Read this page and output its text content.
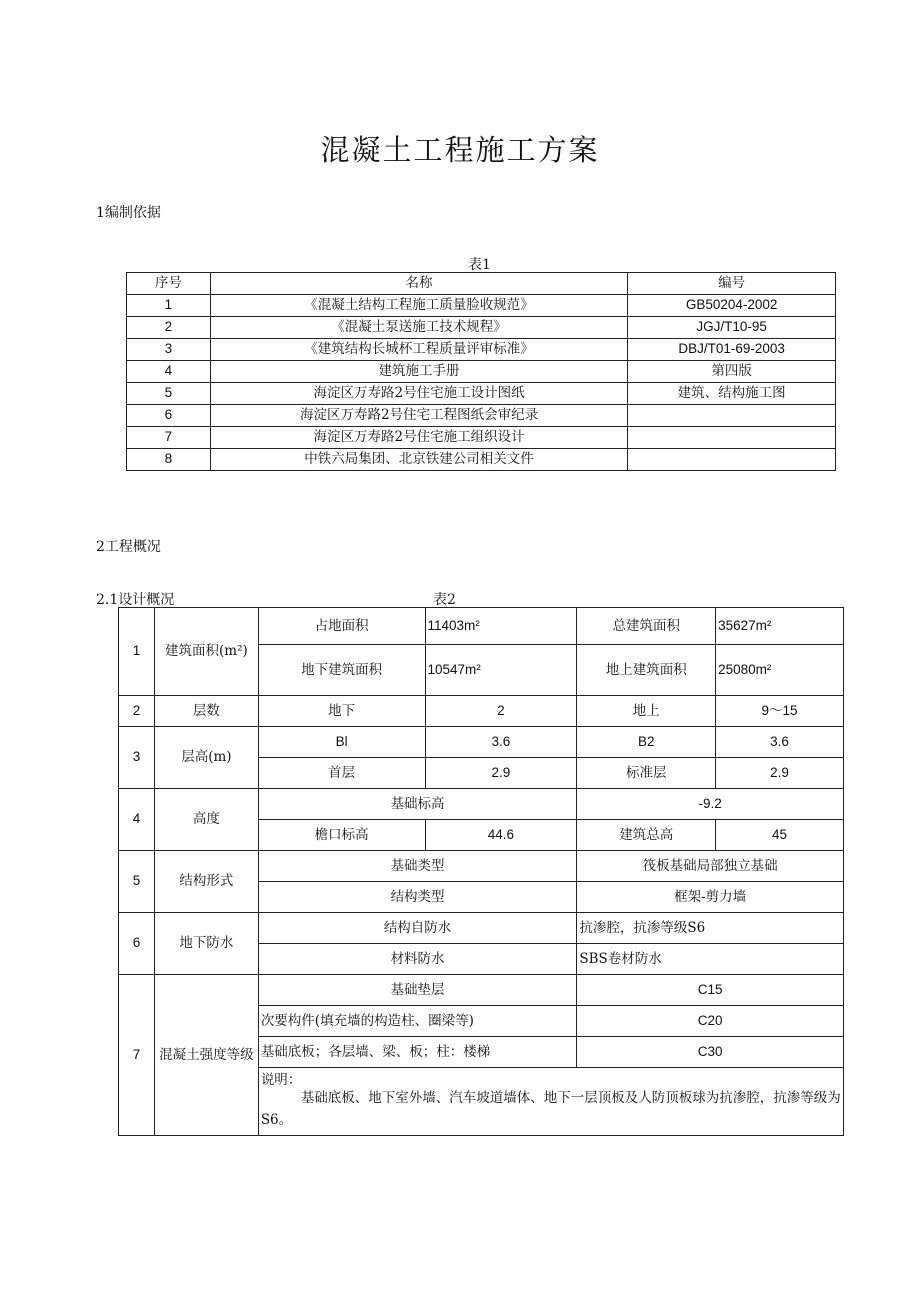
混凝土工程施工方案
1编制依据
表1
序号	名称	编号
1	《混凝土结构工程施工质量脸收规范》	GB50204-2002
2	《混凝土泵送施工技术规程》	JGJ/T10-95
3	《建筑结构长城杯工程质量评审标准》	DBJ/T01-69-2003
4	建筑施工手册	第四版
5	海淀区万寿路2号住宅施工设计图纸	建筑、结构施工图
6	海淀区万寿路2号住宅工程图纸会审纪录	
7	海淀区万寿路2号住宅施工组织设计	
8	中铁六局集团、北京铁建公司相关文件	
2工程概况
2.1设计概况	表2
1	建筑面积(m²)	占地面积	11403m²	总建筑面积	35627m²
		地下建筑面积	10547m²	地上建筑面积	25080m²
2	层数	地下	2	地上	9～15
3	层高(m)	Bl	3.6	B2	3.6
		首层	2.9	标准层	2.9
4	高度	基础标高		-9.2	
		檐口标高	44.6	建筑总高	45
5	结构形式	基础类型		筏板基础局部独立基础	
		结构类型		框架-剪力墙	
6	地下防水	结构自防水		抗渗腔，抗渗等级S6	
		材料防水		SBS卷材防水	
7	混凝土强度等级	基础垫层		C15	
		次要构件(填充墙的构造柱、圈梁等)		C20	
		基础底板；各层墙、梁、板；柱：楼梯		C30	

		说明：
基础底板、地下室外墙、汽车坡道墙体、地下一层顶板及人防顶板球为抗渗腔，抗渗等级为S6。			
